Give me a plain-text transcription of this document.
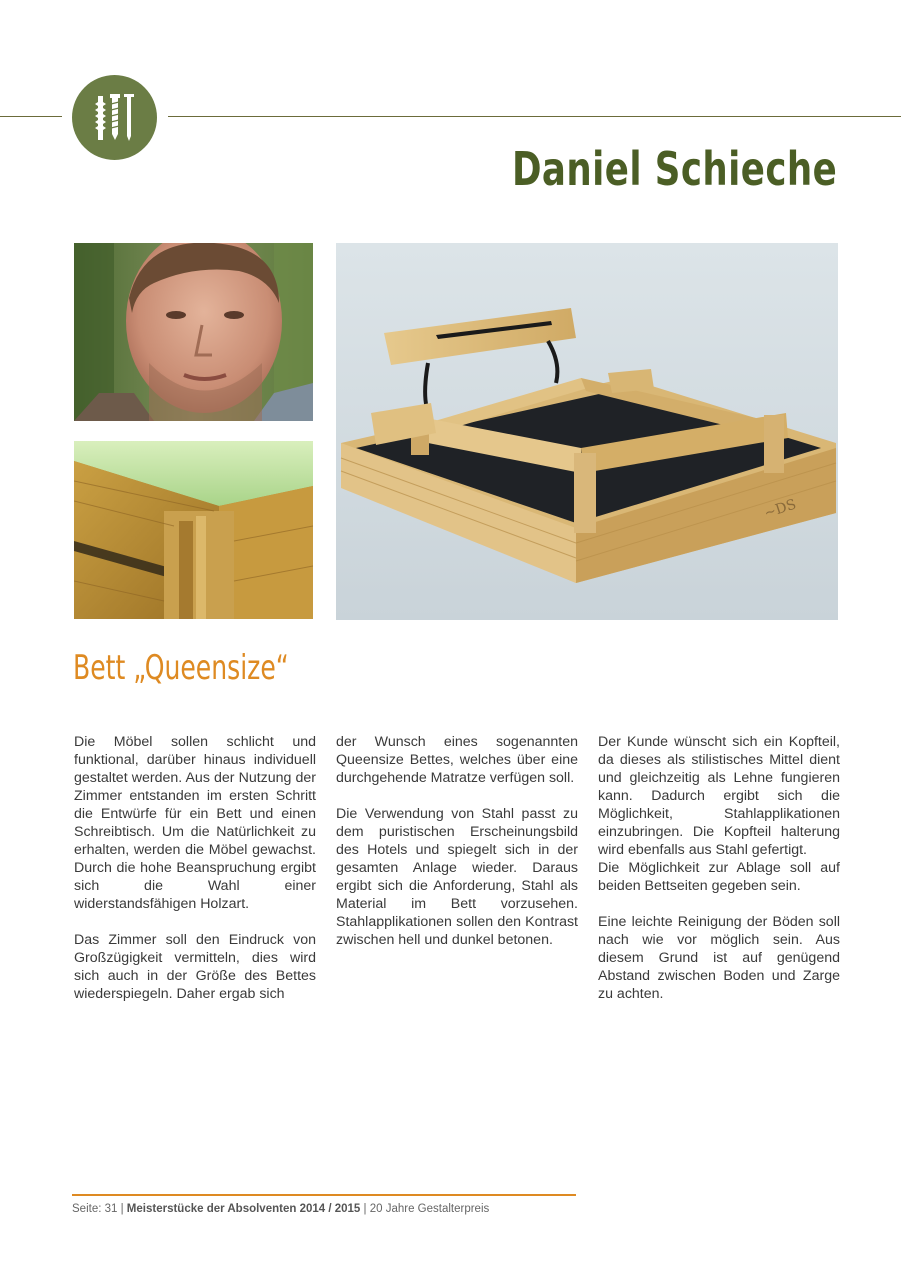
Daniel Schieche
~DS
Bett „Queensize“

Die Möbel sollen schlicht und funktional, darüber hinaus individuell gestaltet werden. Aus der Nutzung der Zimmer entstanden im ersten Schritt die Entwürfe für ein Bett und einen Schreibtisch. Um die Natürlichkeit zu erhalten, werden die Möbel gewachst. Durch die hohe Beanspruchung ergibt sich die Wahl einer widerstandsfähigen Holzart.

Das Zimmer soll den Eindruck von Großzügigkeit vermitteln, dies wird sich auch in der Größe des Bettes wiederspiegeln. Daher ergab sich

der Wunsch eines sogenannten Queensize Bettes, welches über eine durchgehende Matratze verfügen soll.

Die Verwendung von Stahl passt zu dem puristischen Erscheinungsbild des Hotels und spiegelt sich in der gesamten Anlage wieder. Daraus ergibt sich die Anforderung, Stahl als Material im Bett vorzusehen. Stahlapplikationen sollen den Kontrast zwischen hell und dunkel betonen.

Der Kunde wünscht sich ein Kopfteil, da dieses als stilistisches Mittel dient und gleichzeitig als Lehne fungieren kann. Dadurch ergibt sich die Möglichkeit, Stahlapplikationen einzubringen. Die Kopfteil halterung wird ebenfalls aus Stahl gefertigt.

Die Möglichkeit zur Ablage soll auf beiden Bettseiten gegeben sein.

Eine leichte Reinigung der Böden soll nach wie vor möglich sein. Aus diesem Grund ist auf genügend Abstand zwischen Boden und Zarge zu achten.

Seite: 31 | Meisterstücke der Absolventen 2014 / 2015 | 20 Jahre Gestalterpreis
